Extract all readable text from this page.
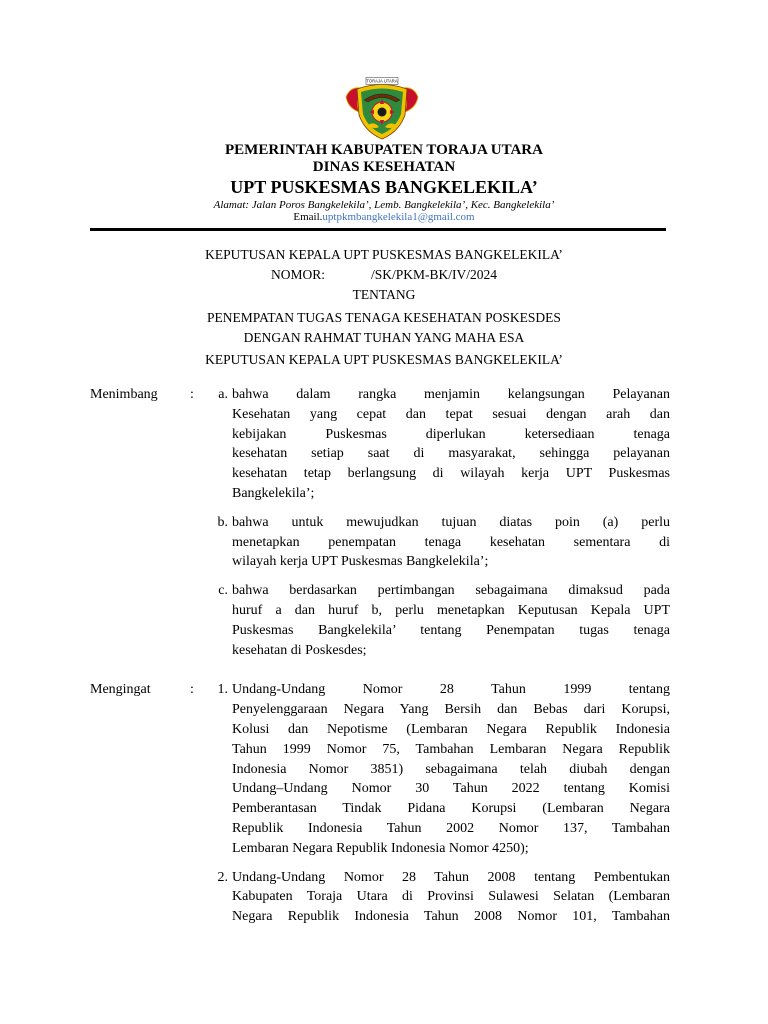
TORAJA UTARA
PEMERINTAH KABUPATEN TORAJA UTARA
DINAS KESEHATAN
UPT PUSKESMAS BANGKELEKILA’
Alamat: Jalan Poros Bangkelekila’, Lemb. Bangkelekila’, Kec. Bangkelekila’
Email.uptpkmbangkelekila1@gmail.com
KEPUTUSAN KEPALA UPT PUSKESMAS BANGKELEKILA’
NOMOR:	/SK/PKM-BK/IV/2024
TENTANG
PENEMPATAN TUGAS TENAGA KESEHATAN POSKESDES
DENGAN RAHMAT TUHAN YANG MAHA ESA
KEPUTUSAN KEPALA UPT PUSKESMAS BANGKELEKILA’
Menimbang	:	a. bahwa dalam rangka menjamin kelangsungan Pelayanan
Kesehatan yang cepat dan tepat sesuai dengan arah dan
kebijakan Puskesmas diperlukan ketersediaan tenaga
kesehatan setiap saat di masyarakat, sehingga pelayanan
kesehatan tetap berlangsung di wilayah kerja UPT Puskesmas
Bangkelekila’;
b. bahwa untuk mewujudkan tujuan diatas poin (a) perlu
menetapkan penempatan tenaga kesehatan sementara di
wilayah kerja UPT Puskesmas Bangkelekila’;
c. bahwa berdasarkan pertimbangan sebagaimana dimaksud pada
huruf a dan huruf b, perlu menetapkan Keputusan Kepala UPT
Puskesmas Bangkelekila’ tentang Penempatan tugas tenaga
kesehatan di Poskesdes;
Mengingat	:	1. Undang-Undang Nomor 28 Tahun 1999 tentang
Penyelenggaraan Negara Yang Bersih dan Bebas dari Korupsi,
Kolusi dan Nepotisme (Lembaran Negara Republik Indonesia
Tahun 1999 Nomor 75, Tambahan Lembaran Negara Republik
Indonesia Nomor 3851) sebagaimana telah diubah dengan
Undang–Undang Nomor 30 Tahun 2022 tentang Komisi
Pemberantasan Tindak Pidana Korupsi (Lembaran Negara
Republik Indonesia Tahun 2002 Nomor 137, Tambahan
Lembaran Negara Republik Indonesia Nomor 4250);
2. Undang-Undang Nomor 28 Tahun 2008 tentang Pembentukan
Kabupaten Toraja Utara di Provinsi Sulawesi Selatan (Lembaran
Negara Republik Indonesia Tahun 2008 Nomor 101, Tambahan
